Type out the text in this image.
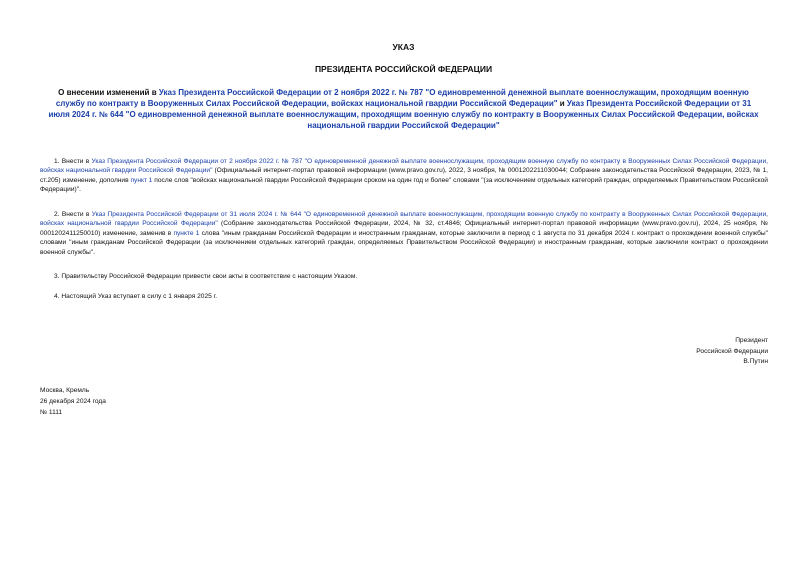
УКАЗ
ПРЕЗИДЕНТА РОССИЙСКОЙ ФЕДЕРАЦИИ
О внесении изменений в Указ Президента Российской Федерации от 2 ноября 2022 г. № 787 "О единовременной денежной выплате военнослужащим, проходящим военную службу по контракту в Вооруженных Силах Российской Федерации, войсках национальной гвардии Российской Федерации" и Указ Президента Российской Федерации от 31 июля 2024 г. № 644 "О единовременной денежной выплате военнослужащим, проходящим военную службу по контракту в Вооруженных Силах Российской Федерации, войсках национальной гвардии Российской Федерации"
1. Внести в Указ Президента Российской Федерации от 2 ноября 2022 г. № 787 "О единовременной денежной выплате военнослужащим, проходящим военную службу по контракту в Вооруженных Силах Российской Федерации, войсках национальной гвардии Российской Федерации" (Официальный интернет-портал правовой информации (www.pravo.gov.ru), 2022, 3 ноября, № 0001202211030044; Собрание законодательства Российской Федерации, 2023, № 1, ст.205) изменение, дополнив пункт 1 после слов "войсках национальной гвардии Российской Федерации сроком на один год и более" словами "(за исключением отдельных категорий граждан, определяемых Правительством Российской Федерации)".
2. Внести в Указ Президента Российской Федерации от 31 июля 2024 г. № 644 "О единовременной денежной выплате военнослужащим, проходящим военную службу по контракту в Вооруженных Силах Российской Федерации, войсках национальной гвардии Российской Федерации" (Собрание законодательства Российской Федерации, 2024, № 32, ст.4846; Официальный интернет-портал правовой информации (www.pravo.gov.ru), 2024, 25 ноября, № 0001202411250010) изменение, заменив в пункте 1 слова "иным гражданам Российской Федерации и иностранным гражданам, которые заключили в период с 1 августа по 31 декабря 2024 г. контракт о прохождении военной службы" словами "иным гражданам Российской Федерации (за исключением отдельных категорий граждан, определяемых Правительством Российской Федерации) и иностранным гражданам, которые заключили контракт о прохождении военной службы".
3. Правительству Российской Федерации привести свои акты в соответствие с настоящим Указом.
4. Настоящий Указ вступает в силу с 1 января 2025 г.
Президент
Российской Федерации
В.Путин
Москва, Кремль
26 декабря 2024 года
№ 1111
